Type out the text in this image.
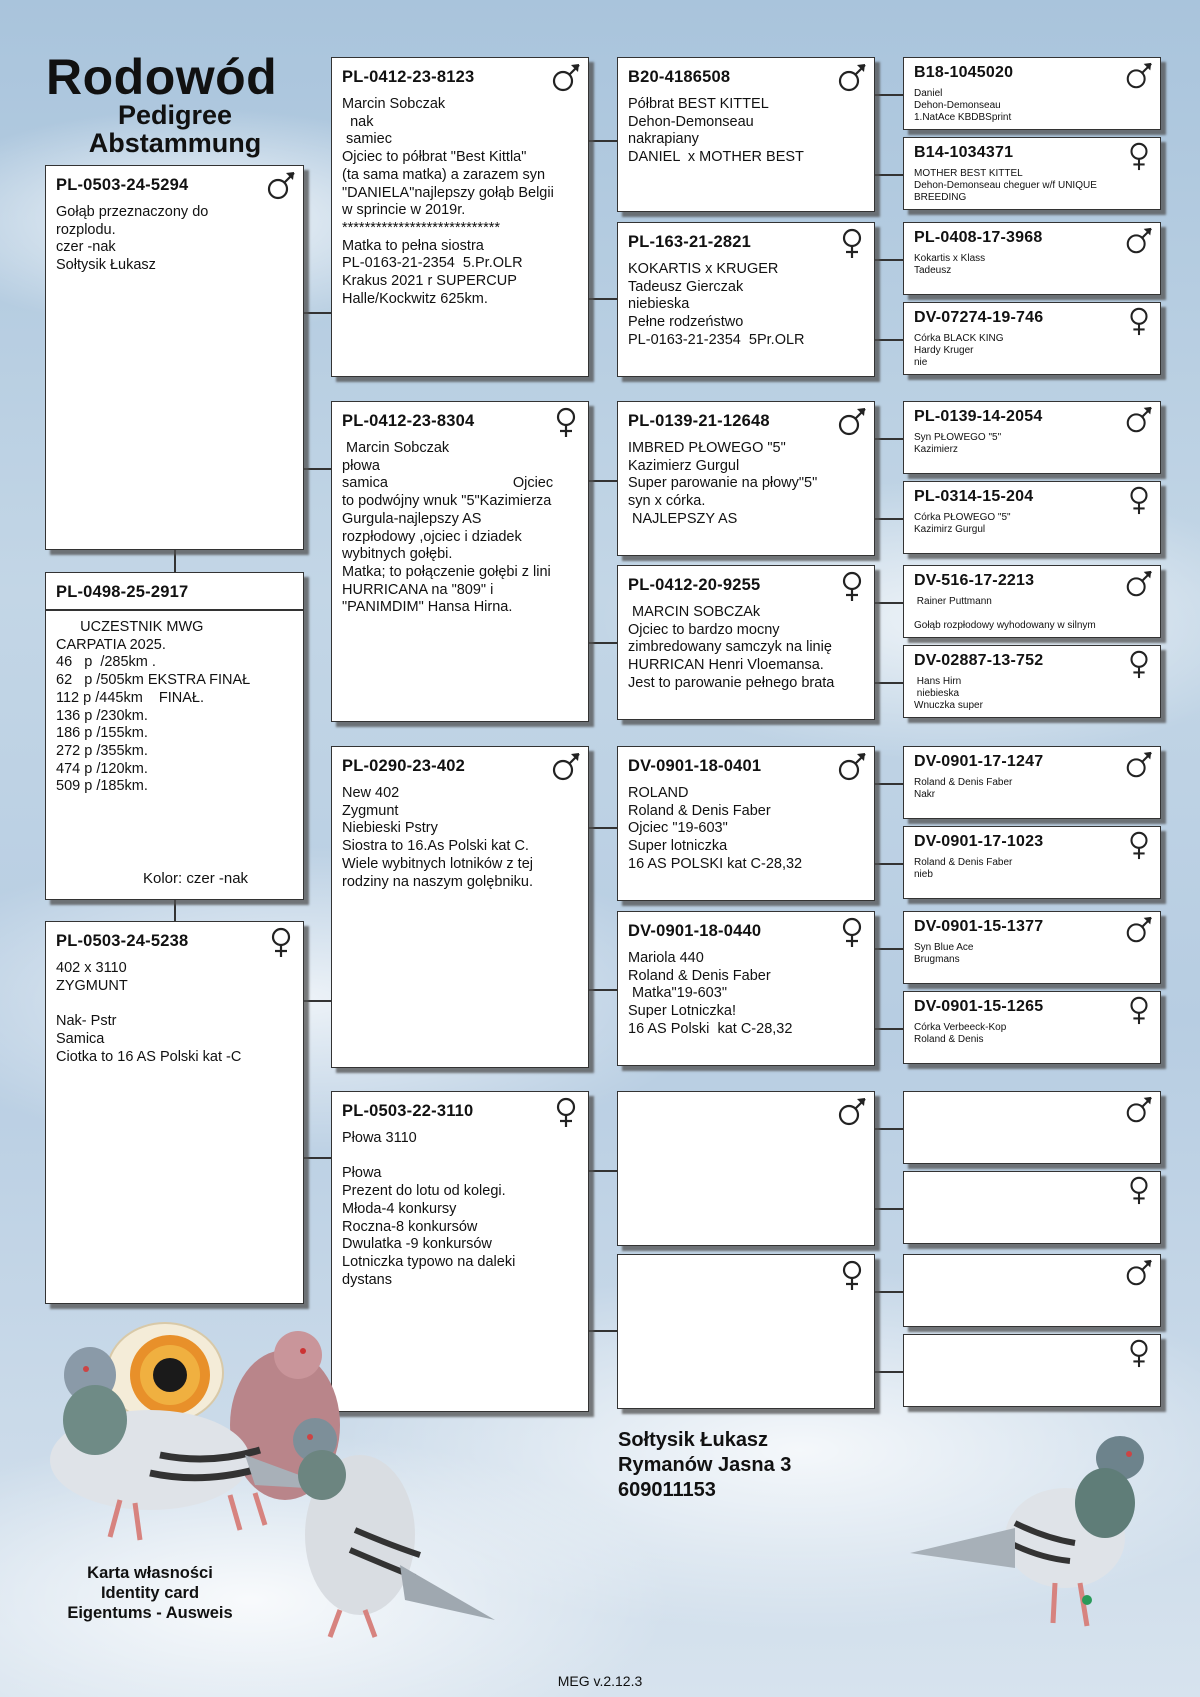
Rodowód
Pedigree
Abstammung
PL-0503-24-5294
Gołąb przeznaczony do
rozplodu.
czer -nak
Sołtysik Łukasz
PL-0498-25-2917
UCZESTNIK MWG
CARPATIA 2025.
46   p  /285km .
62   p /505km EKSTRA FINAŁ
112 p /445km    FINAŁ.
136 p /230km.
186 p /155km.
272 p /355km.
474 p /120km.
509 p /185km.
Kolor: czer -nak
PL-0503-24-5238
402 x 3110
ZYGMUNT

Nak- Pstr
Samica
Ciotka to 16 AS Polski kat -C
PL-0412-23-8123
Marcin Sobczak
nak
samiec
Ojciec to półbrat "Best Kittla"
(ta sama matka) a zarazem syn
"DANIELA"najlepszy gołąb Belgii
w sprincie w 2019r.
****************************
Matka to pełna siostra
PL-0163-21-2354  5.Pr.OLR
Krakus 2021 r SUPERCUP
Halle/Kockwitz 625km.
PL-0412-23-8304
Marcin Sobczak
płowa
samica                               Ojciec
to podwójny wnuk "5"Kazimierza
Gurgula-najlepszy AS
rozpłodowy ,ojciec i dziadek
wybitnych gołębi.
Matka; to połączenie gołębi z lini
HURRICANA na "809" i
"PANIMDIM" Hansa Hirna.
PL-0290-23-402
New 402
Zygmunt
Niebieski Pstry
Siostra to 16.As Polski kat C.
Wiele wybitnych lotników z tej
rodziny na naszym golębniku.
PL-0503-22-3110
Płowa 3110

Płowa
Prezent do lotu od kolegi.
Młoda-4 konkursy
Roczna-8 konkursów
Dwulatka -9 konkursów
Lotniczka typowo na daleki
dystans
B20-4186508
Półbrat BEST KITTEL
Dehon-Demonseau
nakrapiany
DANIEL  x MOTHER BEST
PL-163-21-2821
KOKARTIS x KRUGER
Tadeusz Gierczak
niebieska
Pełne rodzeństwo
PL-0163-21-2354  5Pr.OLR
PL-0139-21-12648
IMBRED PŁOWEGO "5"
Kazimierz Gurgul
Super parowanie na płowy"5"
syn x córka.
NAJLEPSZY AS
PL-0412-20-9255
MARCIN SOBCZAk
Ojciec to bardzo mocny
zimbredowany samczyk na linię
HURRICAN Henri Vloemansa.
Jest to parowanie pełnego brata
DV-0901-18-0401
ROLAND
Roland & Denis Faber
Ojciec "19-603"
Super lotniczka
16 AS POLSKI kat C-28,32
DV-0901-18-0440
Mariola 440
Roland & Denis Faber
Matka"19-603"
Super Lotniczka!
16 AS Polski  kat C-28,32
B18-1045020
Daniel
Dehon-Demonseau
1.NatAce KBDBSprint
B14-1034371
MOTHER BEST KITTEL
Dehon-Demonseau cheguer w/f UNIQUE
BREEDING
PL-0408-17-3968
Kokartis x Klass
Tadeusz
DV-07274-19-746
Córka BLACK KING
Hardy Kruger
nie
PL-0139-14-2054
Syn PŁOWEGO "5"
Kazimierz
PL-0314-15-204
Córka PŁOWEGO "5"
Kazimirz Gurgul
DV-516-17-2213
Rainer Puttmann

Gołąb rozpłodowy wyhodowany w silnym
DV-02887-13-752
Hans Hirn
niebieska
Wnuczka super
DV-0901-17-1247
Roland & Denis Faber
Nakr
DV-0901-17-1023
Roland & Denis Faber
nieb
DV-0901-15-1377
Syn Blue Ace
Brugmans
DV-0901-15-1265
Córka Verbeeck-Kop
Roland & Denis
Sołtysik Łukasz
Rymanów Jasna 3
609011153
Karta własności
Identity card
Eigentums - Ausweis
MEG v.2.12.3
